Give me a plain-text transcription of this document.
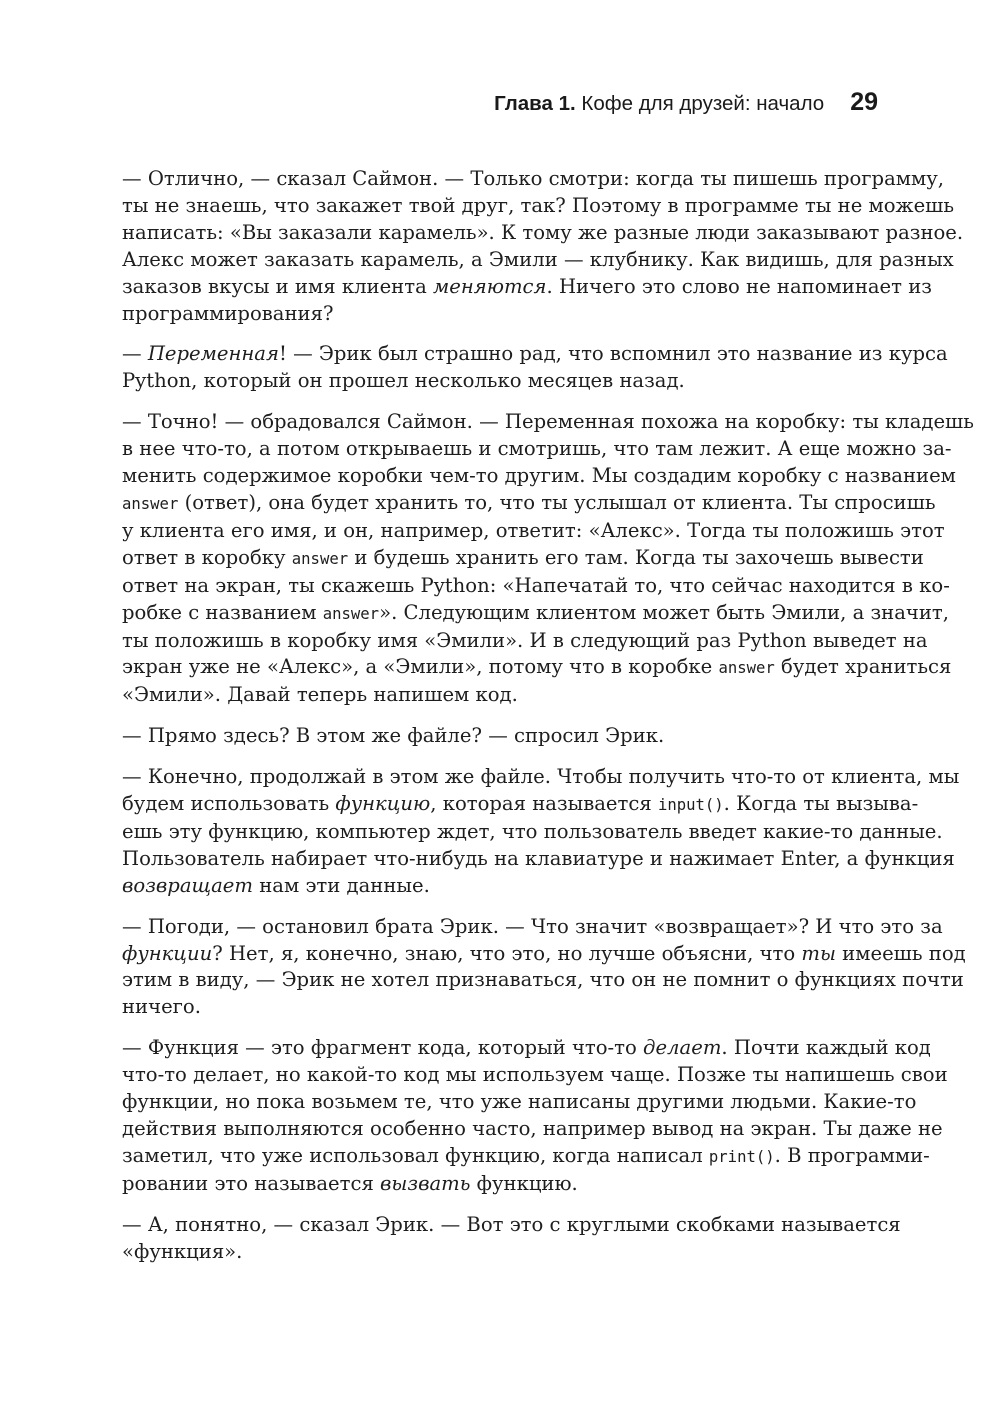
Глава 1. Кофе для друзей: начало 29

— Отлично, — сказал Саймон. — Только смотри: когда ты пишешь программу,
ты не знаешь, что закажет твой друг, так? Поэтому в программе ты не можешь
написать: «Вы заказали карамель». К тому же разные люди заказывают разное.
Алекс может заказать карамель, а Эмили — клубнику. Как видишь, для разных
заказов вкусы и имя клиента меняются. Ничего это слово не напоминает из
программирования?

— Переменная! — Эрик был страшно рад, что вспомнил это название из курса
Python, который он прошел несколько месяцев назад.

— Точно! — обрадовался Саймон. — Переменная похожа на коробку: ты кладешь
в нее что-то, а потом открываешь и смотришь, что там лежит. А еще можно за-
менить содержимое коробки чем-то другим. Мы создадим коробку с названием
answer (ответ), она будет хранить то, что ты услышал от клиента. Ты спросишь
у клиента его имя, и он, например, ответит: «Алекс». Тогда ты положишь этот
ответ в коробку answer и будешь хранить его там. Когда ты захочешь вывести
ответ на экран, ты скажешь Python: «Напечатай то, что сейчас находится в ко-
робке с названием answer». Следующим клиентом может быть Эмили, а значит,
ты положишь в коробку имя «Эмили». И в следующий раз Python выведет на
экран уже не «Алекс», а «Эмили», потому что в коробке answer будет храниться
«Эмили». Давай теперь напишем код.

— Прямо здесь? В этом же файле? — спросил Эрик.

— Конечно, продолжай в этом же файле. Чтобы получить что-то от клиента, мы
будем использовать функцию, которая называется input(). Когда ты вызыва-
ешь эту функцию, компьютер ждет, что пользователь введет какие-то данные.
Пользователь набирает что-нибудь на клавиатуре и нажимает Enter, а функция
возвращает нам эти данные.

— Погоди, — остановил брата Эрик. — Что значит «возвращает»? И что это за
функции? Нет, я, конечно, знаю, что это, но лучше объясни, что ты имеешь под
этим в виду, — Эрик не хотел признаваться, что он не помнит о функциях почти
ничего.

— Функция — это фрагмент кода, который что-то делает. Почти каждый код
что-то делает, но какой-то код мы используем чаще. Позже ты напишешь свои
функции, но пока возьмем те, что уже написаны другими людьми. Какие-то
действия выполняются особенно часто, например вывод на экран. Ты даже не
заметил, что уже использовал функцию, когда написал print(). В программи-
ровании это называется вызвать функцию.

— А, понятно, — сказал Эрик. — Вот это с круглыми скобками называется
«функция».
